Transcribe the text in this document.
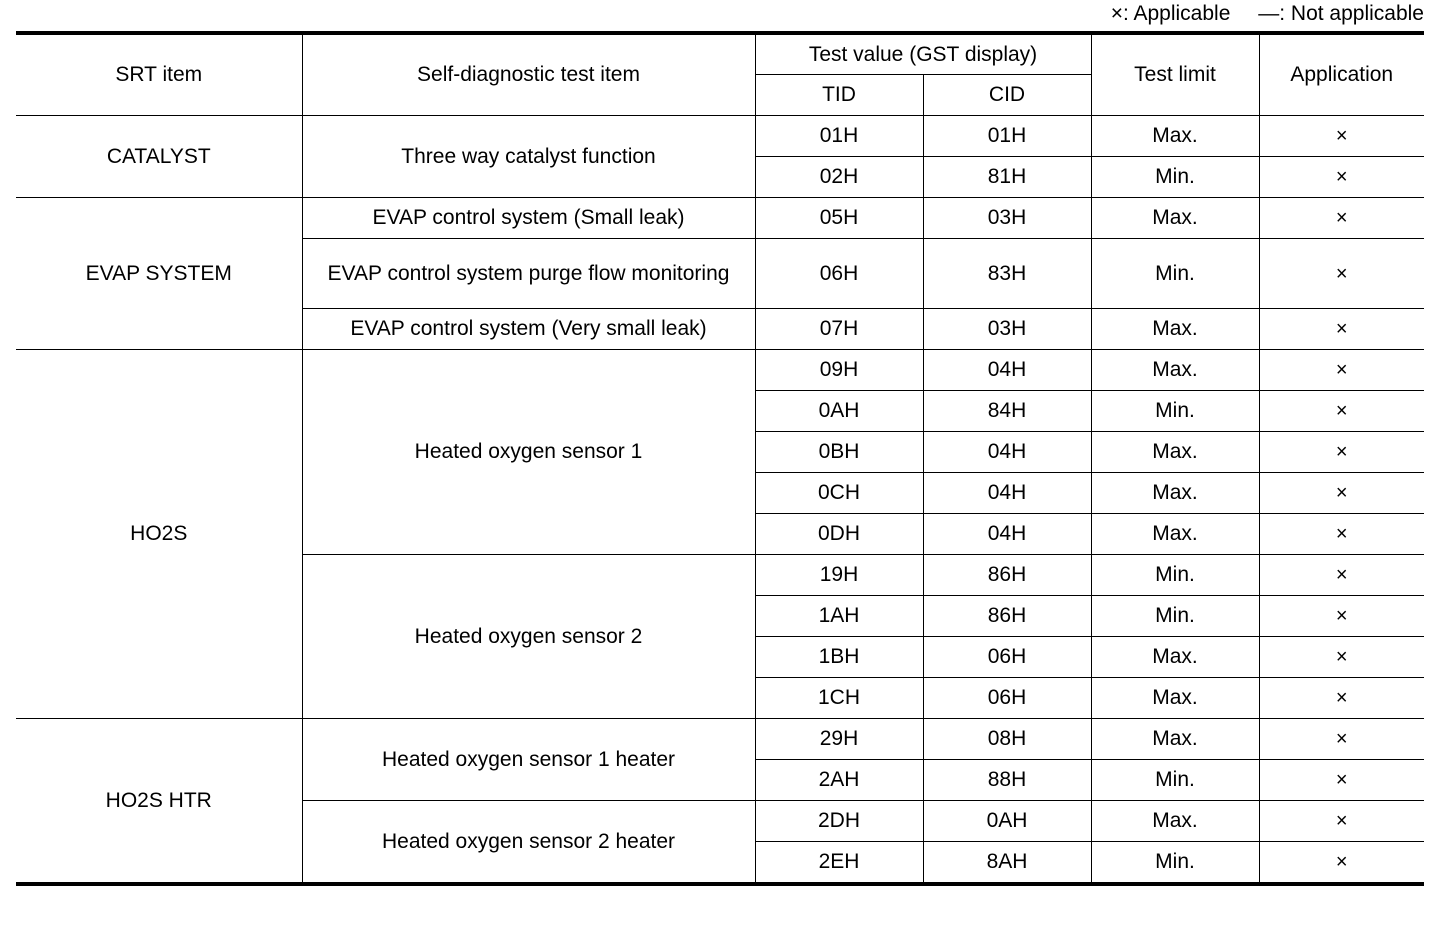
×: Applicable —: Not applicable
SRT item	Self-diagnostic test item	Test value (GST display)		Test limit	Application
		TID	CID		
CATALYST	Three way catalyst function	01H	01H	Max.	×
		02H	81H	Min.	×
EVAP SYSTEM	EVAP control system (Small leak)	05H	03H	Max.	×
	EVAP control system purge flow monitoring	06H	83H	Min.	×
	EVAP control system (Very small leak)	07H	03H	Max.	×
HO2S	Heated oxygen sensor 1	09H	04H	Max.	×
		0AH	84H	Min.	×
		0BH	04H	Max.	×
		0CH	04H	Max.	×
		0DH	04H	Max.	×
	Heated oxygen sensor 2	19H	86H	Min.	×
		1AH	86H	Min.	×
		1BH	06H	Max.	×
		1CH	06H	Max.	×
HO2S HTR	Heated oxygen sensor 1 heater	29H	08H	Max.	×
		2AH	88H	Min.	×
	Heated oxygen sensor 2 heater	2DH	0AH	Max.	×
		2EH	8AH	Min.	×
